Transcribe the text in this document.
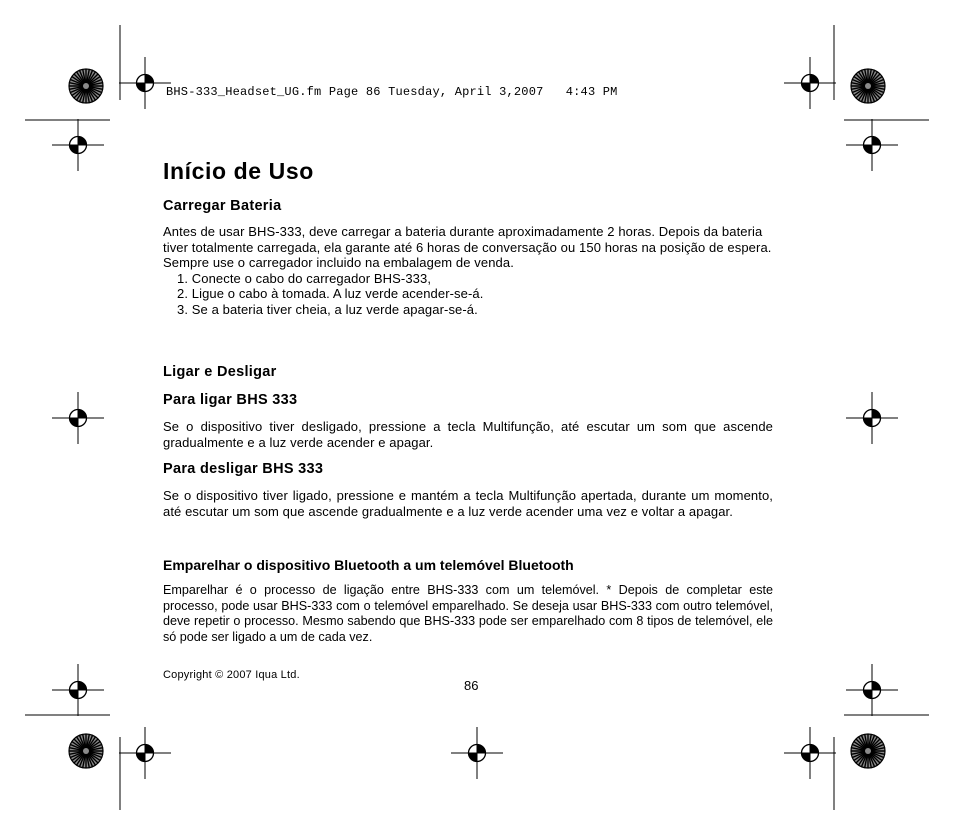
BHS-333_Headset_UG.fm Page 86 Tuesday, April 3,2007 4:43 PM
Início de Uso
Carregar Bateria

Antes de usar BHS-333, deve carregar a bateria durante aproximadamente 2 horas. Depois da bateria tiver totalmente carregada, ela garante até 6 horas de conversação ou 150 horas na posição de espera.

Sempre use o carregador incluido na embalagem de venda.

1. Conecte o cabo do carregador BHS-333,
2. Ligue o cabo à tomada. A luz verde acender-se-á.
3. Se a bateria tiver cheia, a luz verde apagar-se-á.
Ligar e Desligar
Para ligar BHS 333

Se o dispositivo tiver desligado, pressione a tecla Multifunção, até escutar um som que ascende gradualmente e a luz verde acender e apagar.

Para desligar BHS 333

Se o dispositivo tiver ligado, pressione e mantém a tecla Multifunção apertada, durante um momento, até escutar um som que ascende gradualmente e a luz verde acender uma vez e voltar a apagar.

Emparelhar o dispositivo Bluetooth a um telemóvel Bluetooth

Emparelhar é o processo de ligação entre BHS-333 com um telemóvel. * Depois de completar este processo, pode usar BHS-333 com o telemóvel emparelhado. Se deseja usar BHS-333 com outro telemóvel, deve repetir o processo. Mesmo sabendo que BHS-333 pode ser emparelhado com 8 tipos de telemóvel, ele só pode ser ligado a um de cada vez.

Copyright © 2007 Iqua Ltd.
86
